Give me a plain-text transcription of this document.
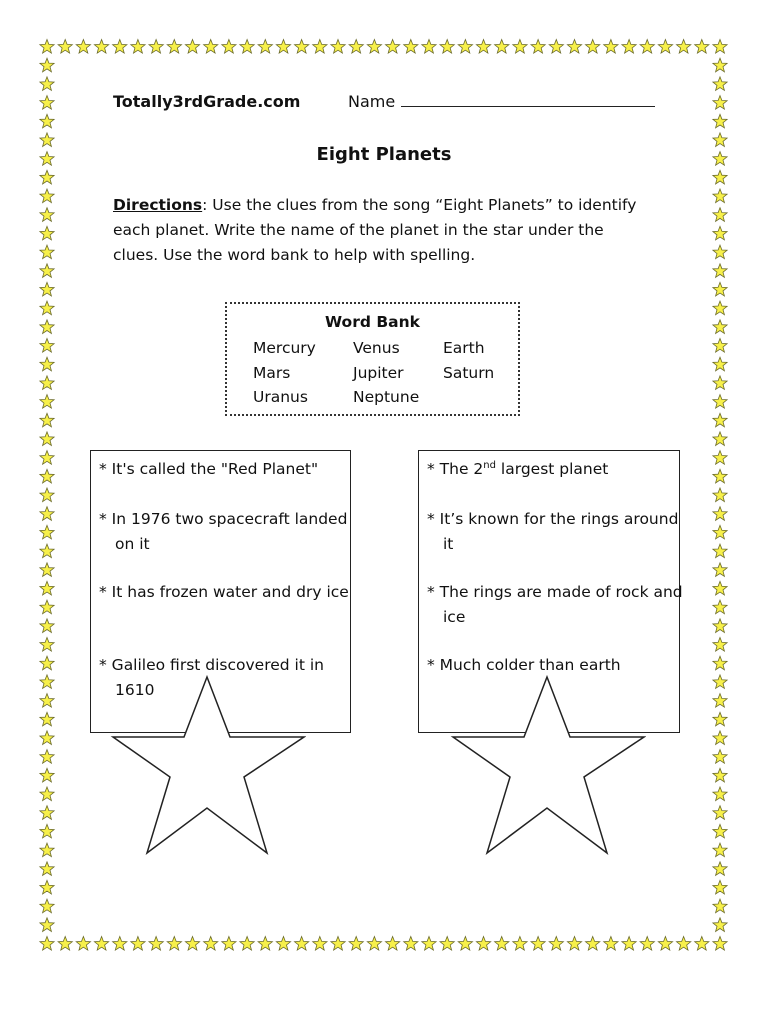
Totally3rdGrade.com	Name
Eight Planets
Directions: Use the clues from the song “Eight Planets” to identify each planet. Write the name of the planet in the star under the clues. Use the word bank to help with spelling.
Word Bank
Mercury	Venus	Earth
Mars	Jupiter	Saturn
Uranus	Neptune
* It's called the "Red Planet"
* In 1976 two spacecraft landed on it
* It has frozen water and dry ice
* Galileo first discovered it in 1610
* The 2nd largest planet
* It’s known for the rings around it
* The rings are made of rock and ice
* Much colder than earth
